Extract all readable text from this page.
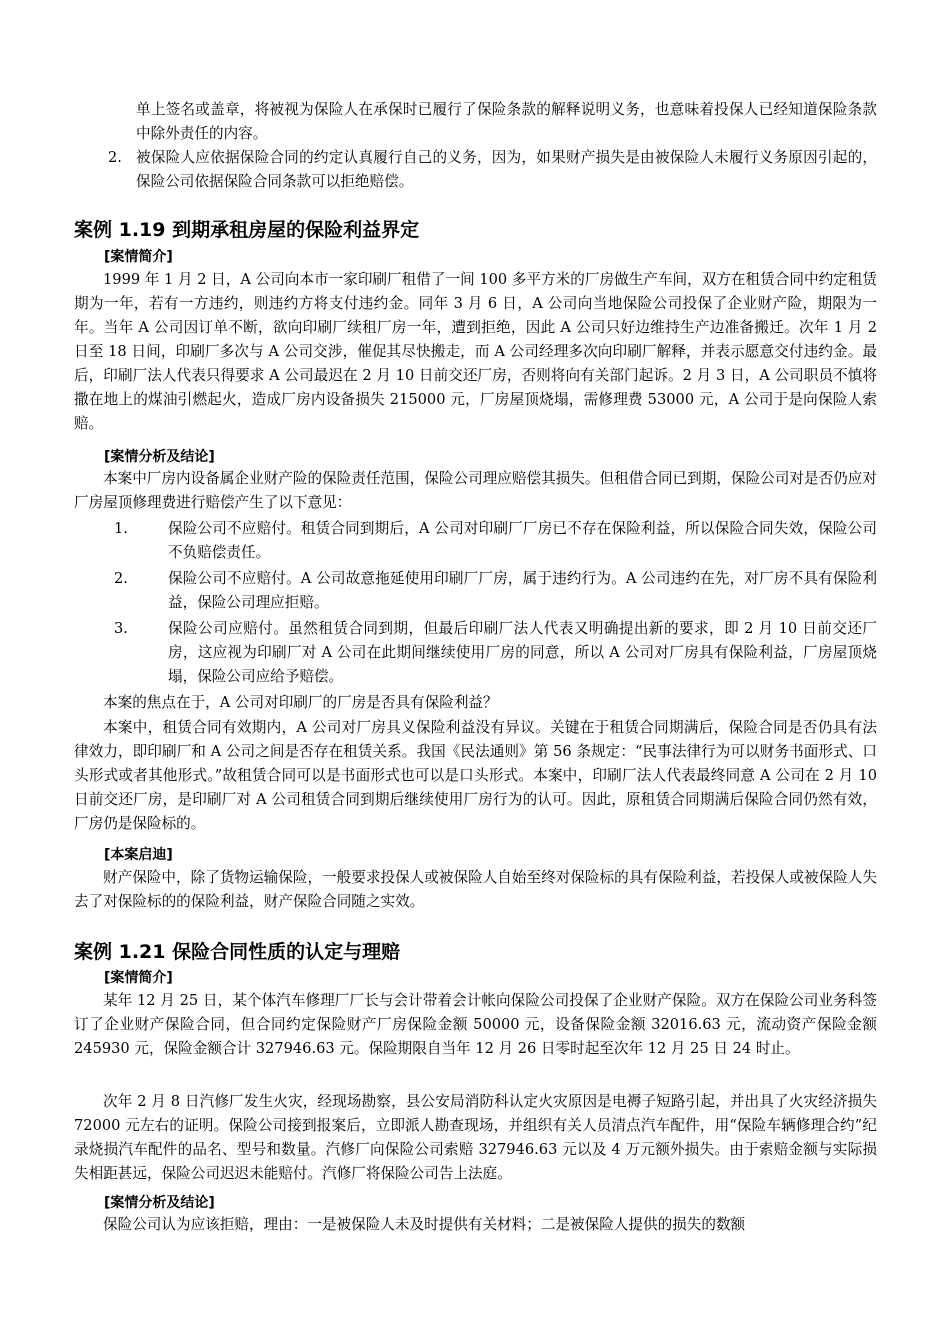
单上签名或盖章，将被视为保险人在承保时已履行了保险条款的解释说明义务，也意味着投保人已经知道保险条款中除外责任的内容。

2. 被保险人应依据保险合同的约定认真履行自己的义务，因为，如果财产损失是由被保险人未履行义务原因引起的，保险公司依据保险合同条款可以拒绝赔偿。
案例 1.19 到期承租房屋的保险利益界定

[案情简介]

1999 年 1 月 2 日，A 公司向本市一家印刷厂租借了一间 100 多平方米的厂房做生产车间，双方在租赁合同中约定租赁期为一年，若有一方违约，则违约方将支付违约金。同年 3 月 6 日，A 公司向当地保险公司投保了企业财产险，期限为一年。当年 A 公司因订单不断，欲向印刷厂续租厂房一年，遭到拒绝，因此 A 公司只好边维持生产边准备搬迁。次年 1 月 2 日至 18 日间，印刷厂多次与 A 公司交涉，催促其尽快搬走，而 A 公司经理多次向印刷厂解释，并表示愿意交付违约金。最后，印刷厂法人代表只得要求 A 公司最迟在 2 月 10 日前交还厂房，否则将向有关部门起诉。2 月 3 日，A 公司职员不慎将撒在地上的煤油引燃起火，造成厂房内设备损失 215000 元，厂房屋顶烧塌，需修理费 53000 元，A 公司于是向保险人索赔。

[案情分析及结论]

本案中厂房内设备属企业财产险的保险责任范围，保险公司理应赔偿其损失。但租借合同已到期，保险公司对是否仍应对厂房屋顶修理费进行赔偿产生了以下意见：

1.	保险公司不应赔付。租赁合同到期后，A 公司对印刷厂厂房已不存在保险利益，所以保险合同失效，保险公司不负赔偿责任。
2.	保险公司不应赔付。A 公司故意拖延使用印刷厂厂房，属于违约行为。A 公司违约在先，对厂房不具有保险利益，保险公司理应拒赔。
3.	保险公司应赔付。虽然租赁合同到期，但最后印刷厂法人代表又明确提出新的要求，即 2 月 10 日前交还厂房，这应视为印刷厂对 A 公司在此期间继续使用厂房的同意，所以 A 公司对厂房具有保险利益，厂房屋顶烧塌，保险公司应给予赔偿。

本案的焦点在于，A 公司对印刷厂的厂房是否具有保险利益？

本案中，租赁合同有效期内，A 公司对厂房具义保险利益没有异议。关键在于租赁合同期满后，保险合同是否仍具有法律效力，即印刷厂和 A 公司之间是否存在租赁关系。我国《民法通则》第 56 条规定：“民事法律行为可以财务书面形式、口头形式或者其他形式。”故租赁合同可以是书面形式也可以是口头形式。本案中，印刷厂法人代表最终同意 A 公司在 2 月 10 日前交还厂房，是印刷厂对 A 公司租赁合同到期后继续使用厂房行为的认可。因此，原租赁合同期满后保险合同仍然有效，厂房仍是保险标的。

[本案启迪]

财产保险中，除了货物运输保险，一般要求投保人或被保险人自始至终对保险标的具有保险利益，若投保人或被保险人失去了对保险标的的保险利益，财产保险合同随之实效。

案例 1.21 保险合同性质的认定与理赔

[案情简介]

某年 12 月 25 日，某个体汽车修理厂厂长与会计带着会计帐向保险公司投保了企业财产保险。双方在保险公司业务科签订了企业财产保险合同，但合同约定保险财产厂房保险金额 50000 元，设备保险金额 32016.63 元，流动资产保险金额 245930 元，保险金额合计 327946.63 元。保险期限自当年 12 月 26 日零时起至次年 12 月 25 日 24 时止。

次年 2 月 8 日汽修厂发生火灾，经现场勘察，县公安局消防科认定火灾原因是电褥子短路引起，并出具了火灾经济损失 72000 元左右的证明。保险公司接到报案后，立即派人勘查现场，并组织有关人员清点汽车配件，用“保险车辆修理合约”纪录烧损汽车配件的品名、型号和数量。汽修厂向保险公司索赔 327946.63 元以及 4 万元额外损失。由于索赔金额与实际损失相距甚远，保险公司迟迟未能赔付。汽修厂将保险公司告上法庭。

[案情分析及结论]

保险公司认为应该拒赔，理由：一是被保险人未及时提供有关材料；二是被保险人提供的损失的数额
